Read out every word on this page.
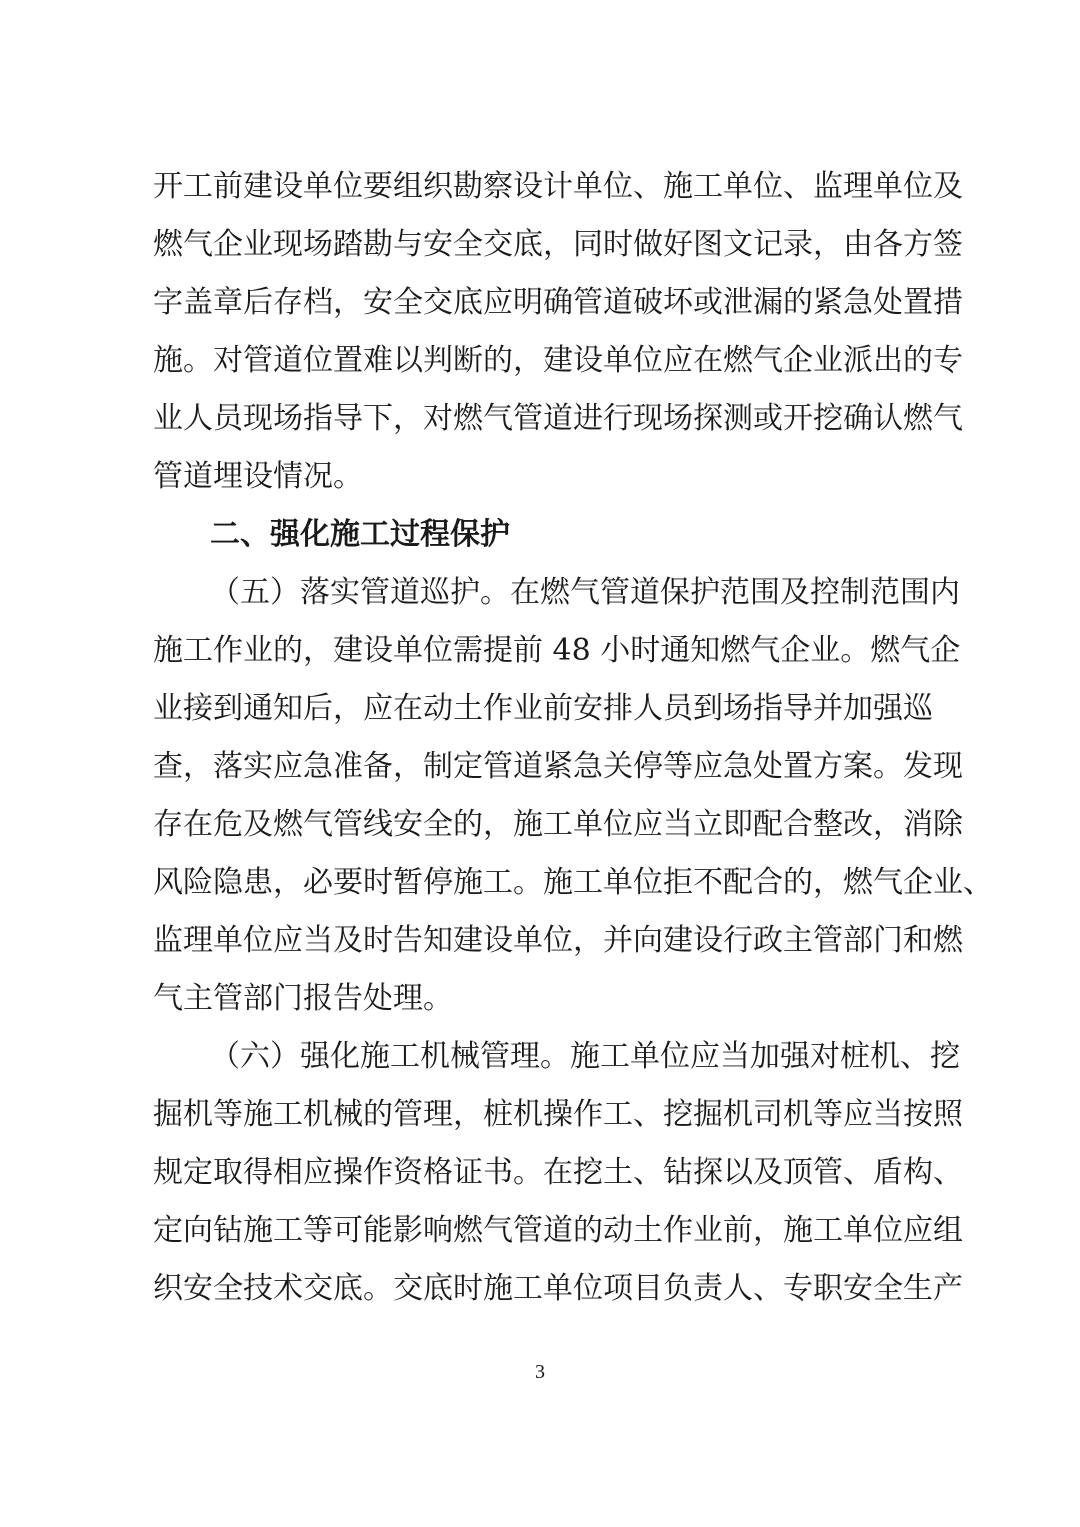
开工前建设单位要组织勘察设计单位、施工单位、监理单位及
燃气企业现场踏勘与安全交底，同时做好图文记录，由各方签
字盖章后存档，安全交底应明确管道破坏或泄漏的紧急处置措
施。对管道位置难以判断的，建设单位应在燃气企业派出的专
业人员现场指导下，对燃气管道进行现场探测或开挖确认燃气
管道埋设情况。
二、强化施工过程保护
（五）落实管道巡护。在燃气管道保护范围及控制范围内
施工作业的，建设单位需提前 48 小时通知燃气企业。燃气企
业接到通知后，应在动土作业前安排人员到场指导并加强巡
查，落实应急准备，制定管道紧急关停等应急处置方案。发现
存在危及燃气管线安全的，施工单位应当立即配合整改，消除
风险隐患，必要时暂停施工。施工单位拒不配合的，燃气企业、
监理单位应当及时告知建设单位，并向建设行政主管部门和燃
气主管部门报告处理。
（六）强化施工机械管理。施工单位应当加强对桩机、挖
掘机等施工机械的管理，桩机操作工、挖掘机司机等应当按照
规定取得相应操作资格证书。在挖土、钻探以及顶管、盾构、
定向钻施工等可能影响燃气管道的动土作业前，施工单位应组
织安全技术交底。交底时施工单位项目负责人、专职安全生产
3
